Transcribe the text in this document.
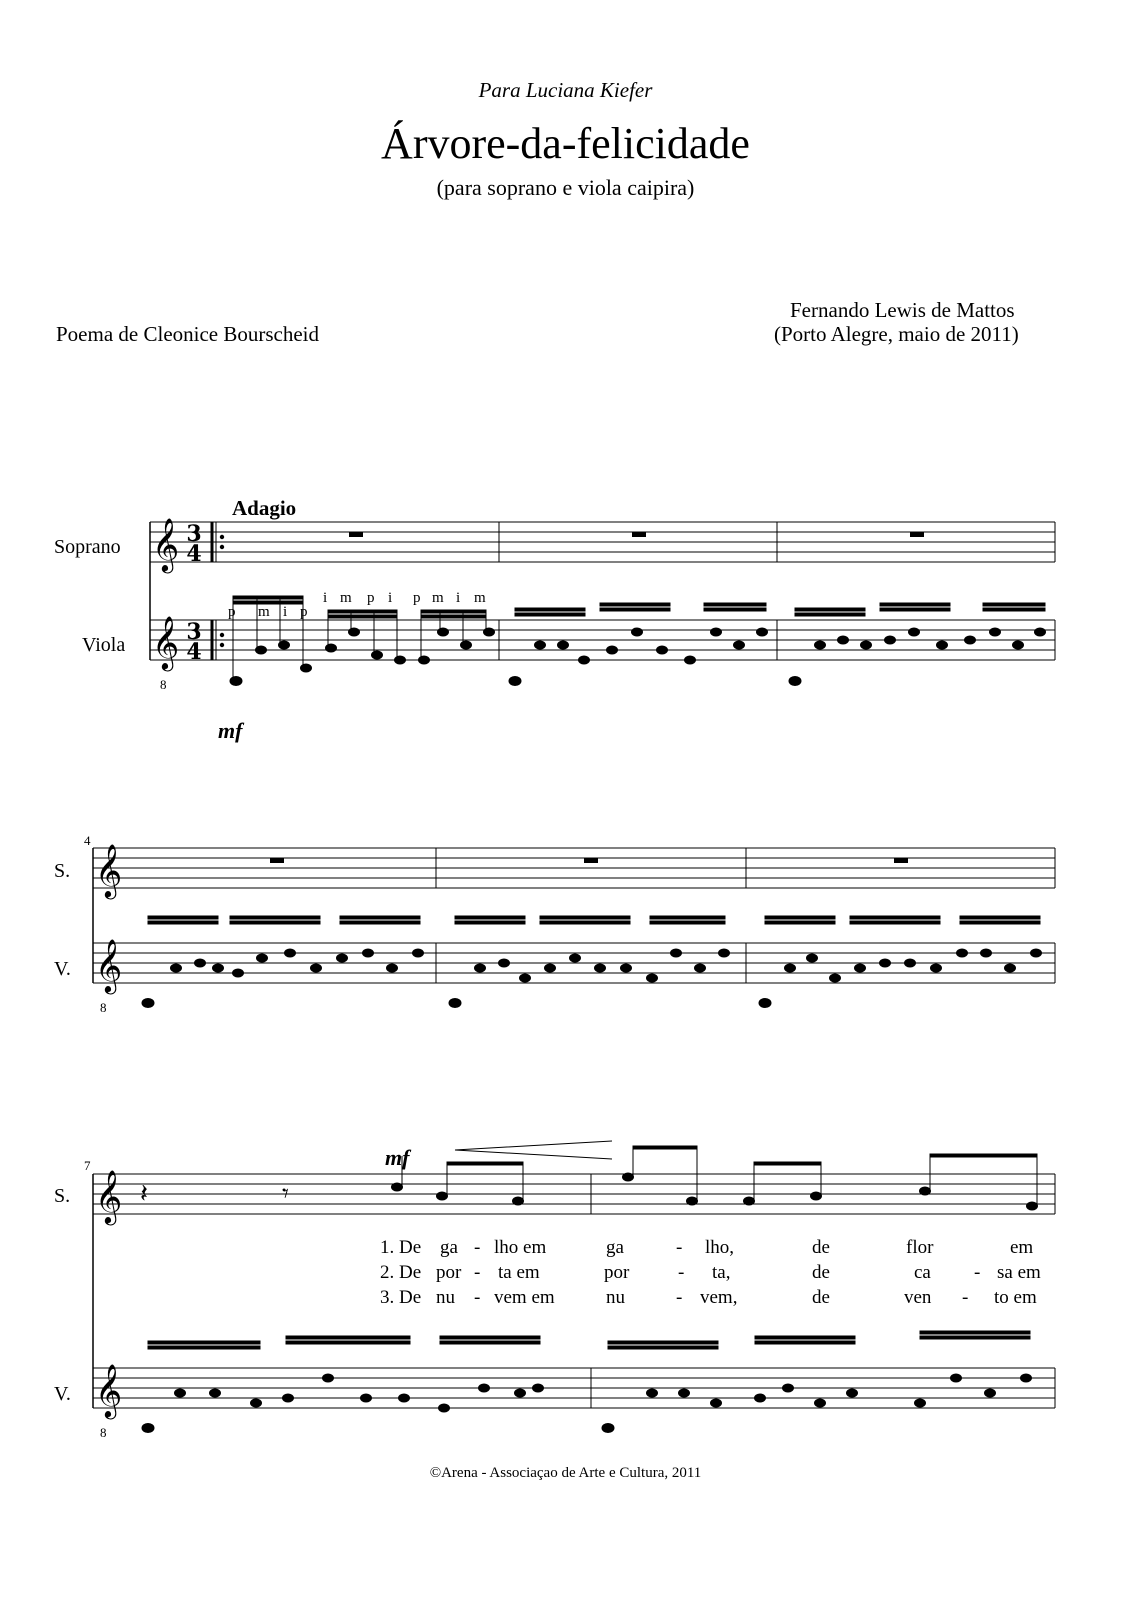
Para Luciana Kiefer
Árvore-da-felicidade
(para soprano e viola caipira)
Poema de Cleonice Bourscheid
Fernando Lewis de Mattos
(Porto Alegre, maio de 2011)
Adagio
Soprano
Viola
S.
V.
S.
V.
4
7
8
8
8
mf
mf
p m i p
i m p i p m i m
1. De ga - lho em	ga	- lho,	de	flor	em
2. De por - ta em	por	- ta,	de	ca - sa em
3. De nu - vem em	nu	- vem,	de	ven - to em
©Arena - Associaçao de Arte e Cultura, 2011
𝄞
𝄞
𝄞
𝄞
𝄞
𝄞
3
4
3
4
𝄽	𝄾
